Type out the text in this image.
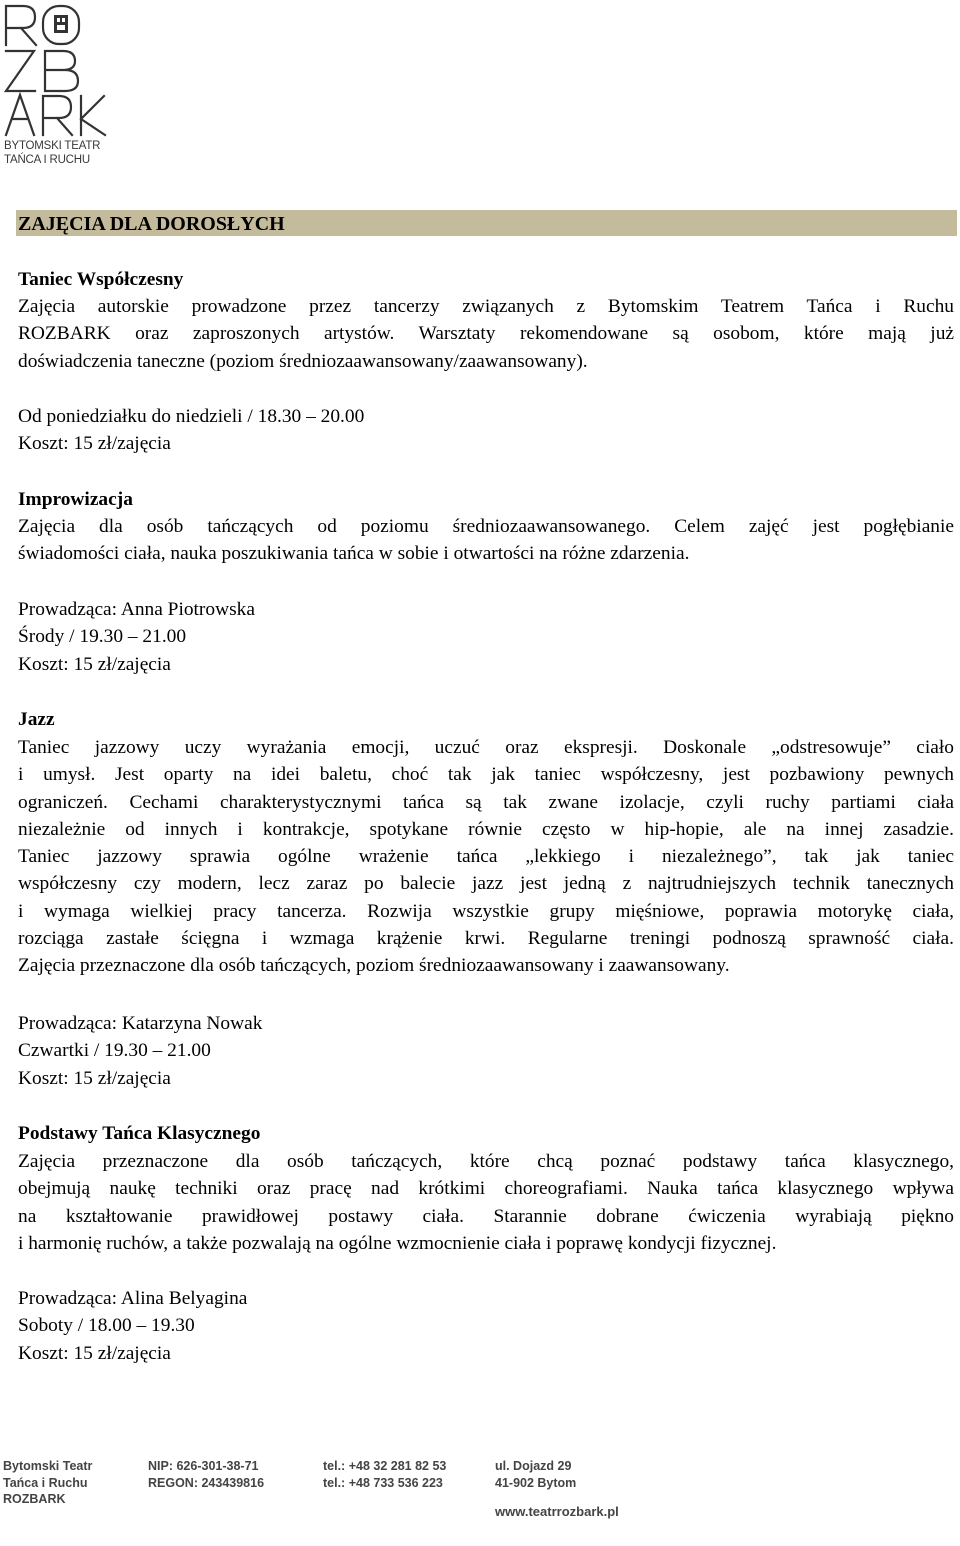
BYTOMSKI TEATR
TAŃCA I RUCHU
ZAJĘCIA DLA DOROSŁYCH
Taniec Współczesny
Zajęcia autorskie prowadzone przez tancerzy związanych z Bytomskim Teatrem Tańca i Ruchu
ROZBARK oraz zaproszonych artystów. Warsztaty rekomendowane są osobom, które mają już
doświadczenia taneczne (poziom średniozaawansowany/zaawansowany).
Od poniedziałku do niedzieli / 18.30 – 20.00
Koszt: 15 zł/zajęcia
Improwizacja
Zajęcia dla osób tańczących od poziomu średniozaawansowanego. Celem zajęć jest pogłębianie
świadomości ciała, nauka poszukiwania tańca w sobie i otwartości na różne zdarzenia.
Prowadząca: Anna Piotrowska
Środy / 19.30 – 21.00
Koszt: 15 zł/zajęcia
Jazz
Taniec jazzowy uczy wyrażania emocji, uczuć oraz ekspresji. Doskonale „odstresowuje” ciało
i umysł. Jest oparty na idei baletu, choć tak jak taniec współczesny, jest pozbawiony pewnych
ograniczeń. Cechami charakterystycznymi tańca są tak zwane izolacje, czyli ruchy partiami ciała
niezależnie od innych i kontrakcje, spotykane równie często w hip-hopie, ale na innej zasadzie.
Taniec jazzowy sprawia ogólne wrażenie tańca „lekkiego i niezależnego”, tak jak taniec
współczesny czy modern, lecz zaraz po balecie jazz jest jedną z najtrudniejszych technik tanecznych
i wymaga wielkiej pracy tancerza. Rozwija wszystkie grupy mięśniowe, poprawia motorykę ciała,
rozciąga zastałe ścięgna i wzmaga krążenie krwi. Regularne treningi podnoszą sprawność ciała.
Zajęcia przeznaczone dla osób tańczących, poziom średniozaawansowany i zaawansowany.
Prowadząca: Katarzyna Nowak
Czwartki / 19.30 – 21.00
Koszt: 15 zł/zajęcia
Podstawy Tańca Klasycznego
Zajęcia przeznaczone dla osób tańczących, które chcą poznać podstawy tańca klasycznego,
obejmują naukę techniki oraz pracę nad krótkimi choreografiami. Nauka tańca klasycznego wpływa
na kształtowanie prawidłowej postawy ciała. Starannie dobrane ćwiczenia wyrabiają piękno
i harmonię ruchów, a także pozwalają na ogólne wzmocnienie ciała i poprawę kondycji fizycznej.
Prowadząca: Alina Belyagina
Soboty / 18.00 – 19.30
Koszt: 15 zł/zajęcia
Bytomski Teatr
Tańca i Ruchu
ROZBARK
NIP: 626-301-38-71
REGON: 243439816
tel.: +48 32 281 82 53
tel.: +48 733 536 223
ul. Dojazd 29
41-902 Bytom
www.teatrrozbark.pl
